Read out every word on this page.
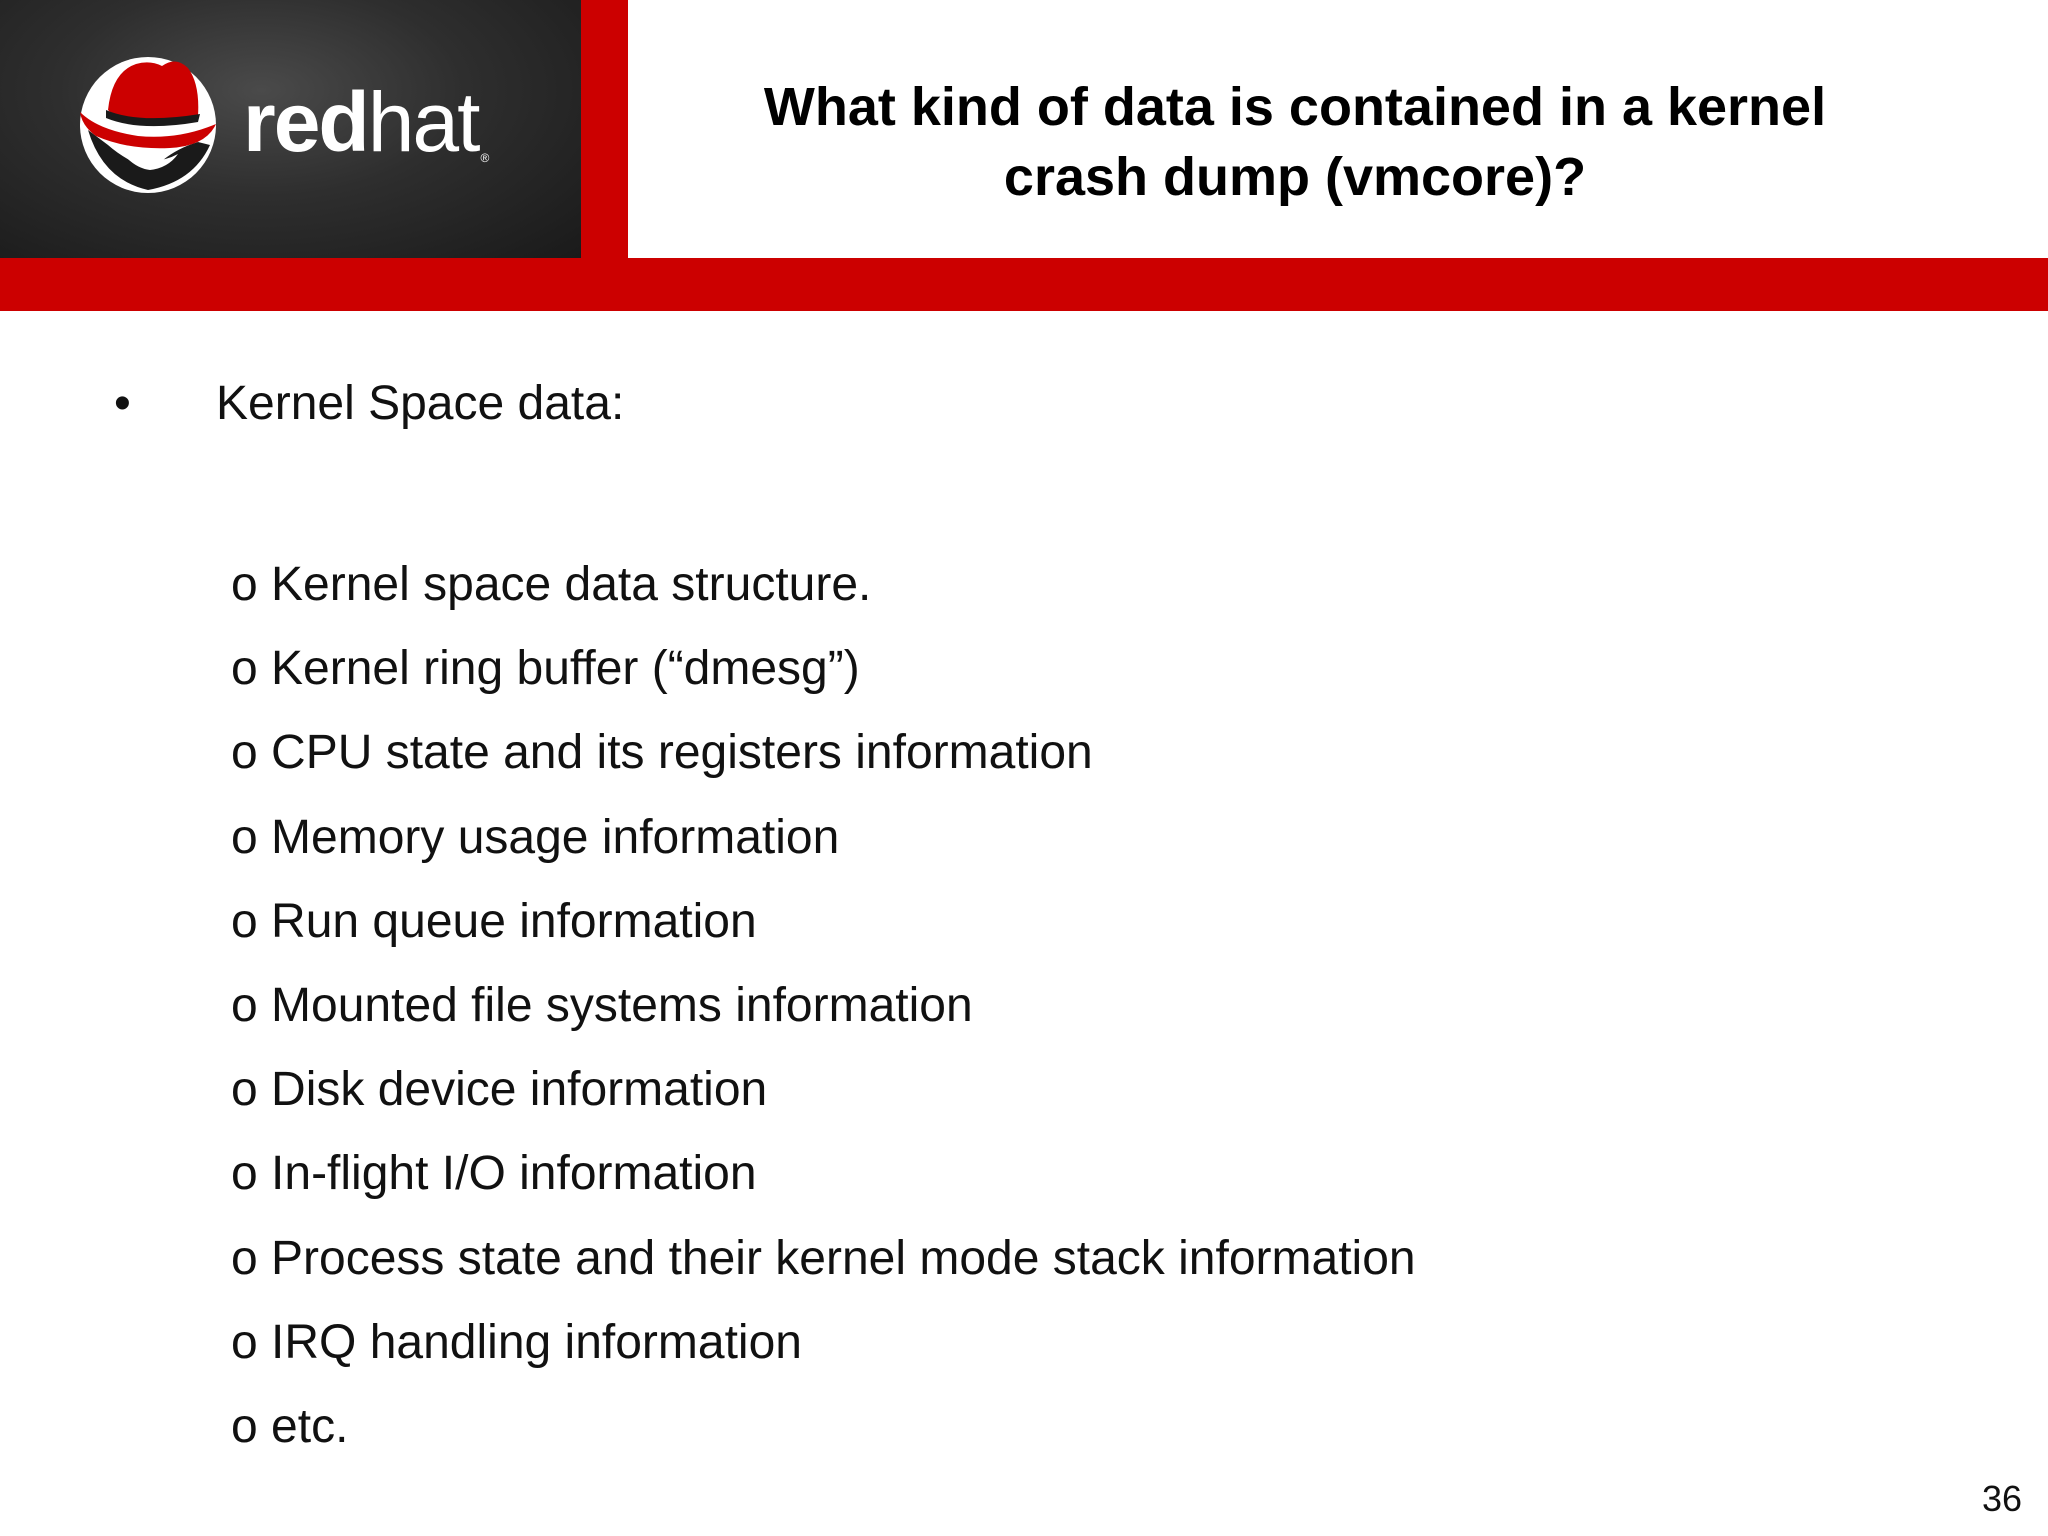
redhat ®
What kind of data is contained in a kernel
crash dump (vmcore)?
• Kernel Space data:
o Kernel space data structure.
o Kernel ring buffer (“dmesg”)
o CPU state and its registers information
o Memory usage information
o Run queue information
o Mounted file systems information
o Disk device information
o In-flight I/O information
o Process state and their kernel mode stack information
o IRQ handling information
o etc.
36
